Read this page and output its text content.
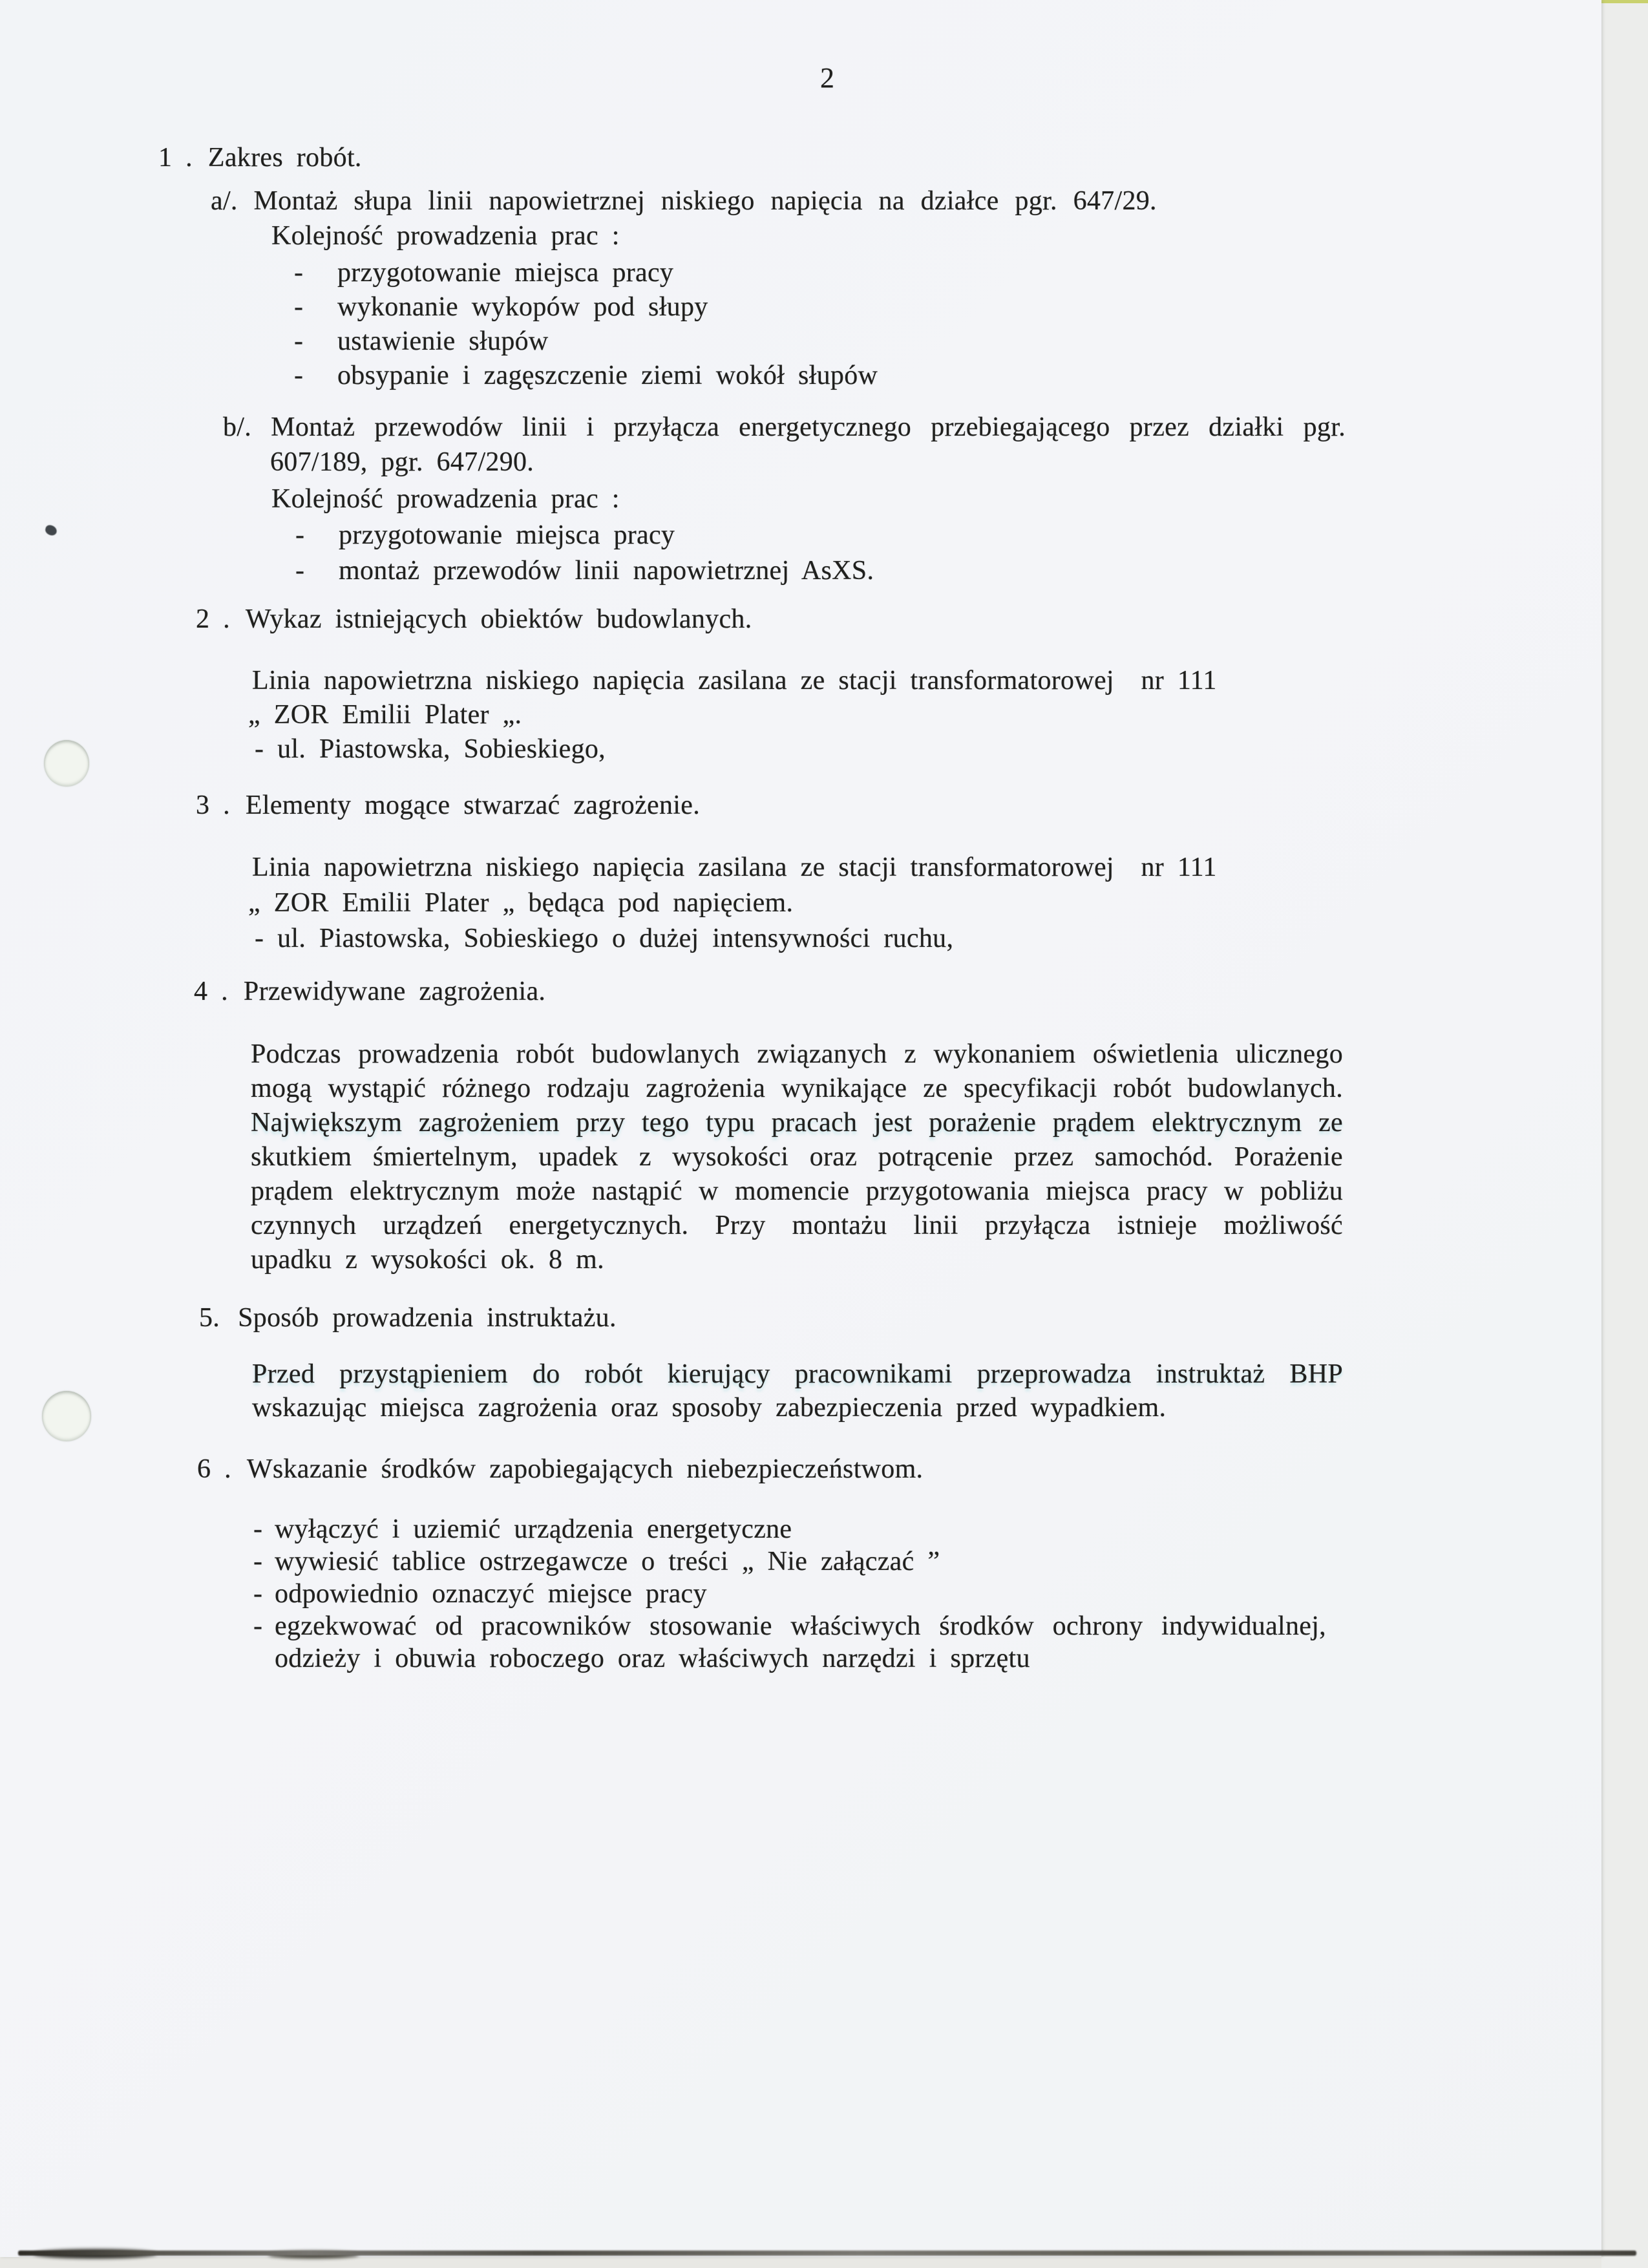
2
1 . Zakres robót.
a/. Montaż słupa linii napowietrznej niskiego napięcia na działce pgr. 647/29.
Kolejność prowadzenia prac :
-	przygotowanie miejsca pracy
-	wykonanie wykopów pod słupy
-	ustawienie słupów
-	obsypanie i zagęszczenie ziemi wokół słupów
b/. Montaż przewodów linii i przyłącza energetycznego przebiegającego przez działki pgr.
607/189, pgr. 647/290.
Kolejność prowadzenia prac :
-	przygotowanie miejsca pracy
-	montaż przewodów linii napowietrznej AsXS.
2 . Wykaz istniejących obiektów budowlanych.
Linia napowietrzna niskiego napięcia zasilana ze stacji transformatorowej  nr 111
„ ZOR Emilii Plater „.
- ul. Piastowska, Sobieskiego,
3 . Elementy mogące stwarzać zagrożenie.
Linia napowietrzna niskiego napięcia zasilana ze stacji transformatorowej  nr 111
„ ZOR Emilii Plater „ będąca pod napięciem.
- ul. Piastowska, Sobieskiego o dużej intensywności ruchu,
4 . Przewidywane zagrożenia.
Podczas prowadzenia robót budowlanych związanych z wykonaniem oświetlenia ulicznego
mogą wystąpić różnego rodzaju zagrożenia wynikające ze specyfikacji robót budowlanych.
Największym zagrożeniem przy tego typu pracach jest porażenie prądem elektrycznym ze
skutkiem śmiertelnym, upadek z wysokości oraz potrącenie przez samochód. Porażenie
prądem elektrycznym może nastąpić w momencie przygotowania miejsca pracy w pobliżu
czynnych urządzeń energetycznych. Przy montażu linii przyłącza istnieje możliwość
upadku z wysokości ok. 8 m.
5. Sposób prowadzenia instruktażu.
Przed przystąpieniem do robót kierujący pracownikami przeprowadza instruktaż BHP
wskazując miejsca zagrożenia oraz sposoby zabezpieczenia przed wypadkiem.
6 . Wskazanie środków zapobiegających niebezpieczeństwom.
- wyłączyć i uziemić urządzenia energetyczne
- wywiesić tablice ostrzegawcze o treści „ Nie załączać ”
- odpowiednio oznaczyć miejsce pracy
- egzekwować od pracowników stosowanie właściwych środków ochrony indywidualnej, odzieży i obuwia roboczego oraz właściwych narzędzi i sprzętu
